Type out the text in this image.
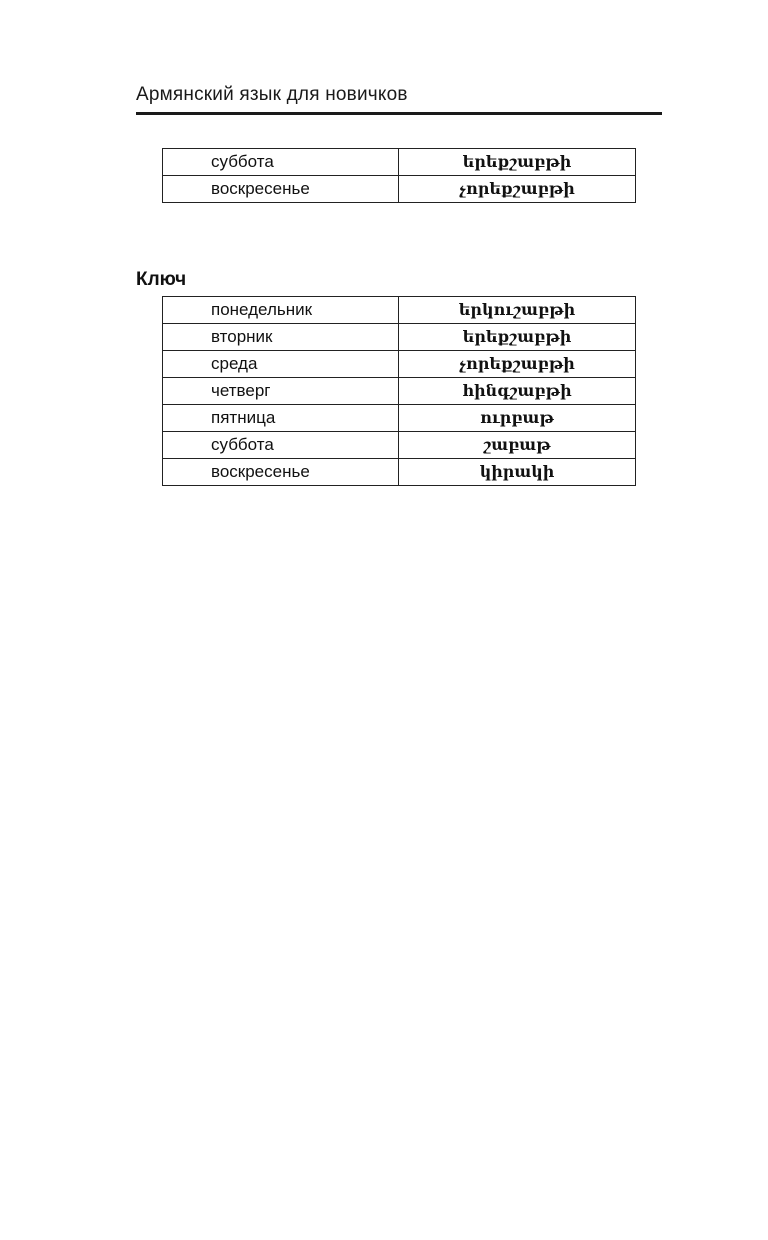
Армянский язык для новичков
суббота	երեքշաբթի
воскресенье	չորեքշաբթի
Ключ
понедельник	երկուշաբթի
вторник	երեքշաբթի
среда	չորեքշաբթի
четверг	հինգշաբթի
пятница	ուրբաթ
суббота	շաբաթ
воскресенье	կիրակի
